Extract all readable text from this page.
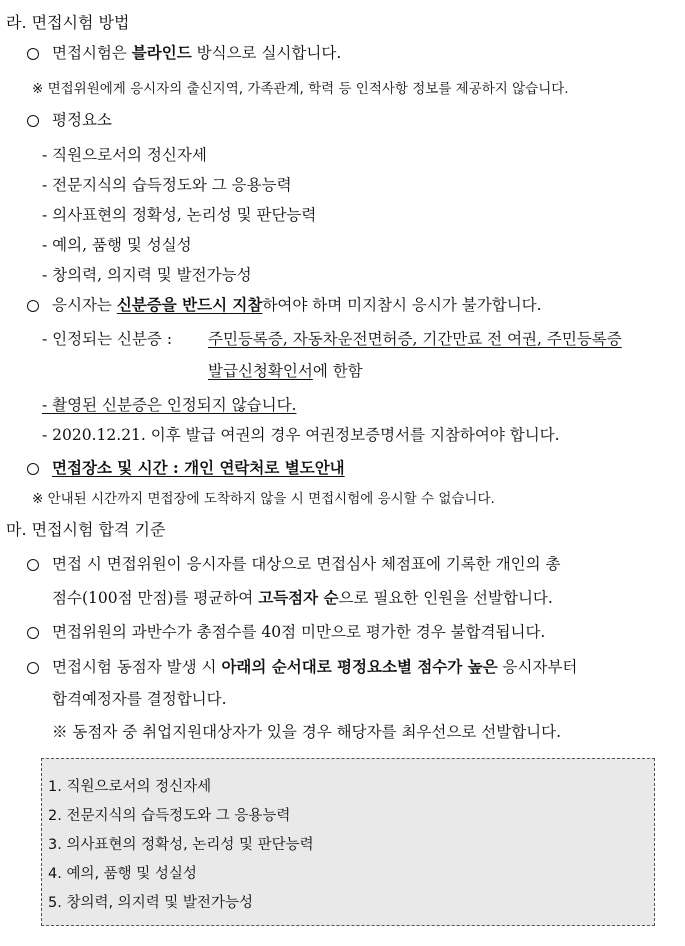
라. 면접시험 방법
면접시험은 블라인드 방식으로 실시합니다.
※ 면접위원에게 응시자의 출신지역, 가족관계, 학력 등 인적사항 정보를 제공하지 않습니다.
평정요소
- 직원으로서의 정신자세
- 전문지식의 습득정도와 그 응용능력
- 의사표현의 정확성, 논리성 및 판단능력
- 예의, 품행 및 성실성
- 창의력, 의지력 및 발전가능성
응시자는 신분증을 반드시 지참하여야 하며 미지참시 응시가 불가합니다.
- 인정되는 신분증 : 주민등록증, 자동차운전면허증, 기간만료 전 여권, 주민등록증
발급신청확인서에 한함
- 촬영된 신분증은 인정되지 않습니다.
- 2020.12.21. 이후 발급 여권의 경우 여권정보증명서를 지참하여야 합니다.
면접장소 및 시간 : 개인 연락처로 별도안내
※ 안내된 시간까지 면접장에 도착하지 않을 시 면접시험에 응시할 수 없습니다.
마. 면접시험 합격 기준
면접 시 면접위원이 응시자를 대상으로 면접심사 체점표에 기록한 개인의 총
점수(100점 만점)를 평균하여 고득점자 순으로 필요한 인원을 선발합니다.
면접위원의 과반수가 총점수를 40점 미만으로 평가한 경우 불합격됩니다.
면접시험 동점자 발생 시 아래의 순서대로 평정요소별 점수가 높은 응시자부터
합격예정자를 결정합니다.
※ 동점자 중 취업지원대상자가 있을 경우 해당자를 최우선으로 선발합니다.
1. 직원으로서의 정신자세
2. 전문지식의 습득정도와 그 응용능력
3. 의사표현의 정확성, 논리성 및 판단능력
4. 예의, 품행 및 성실성
5. 창의력, 의지력 및 발전가능성
